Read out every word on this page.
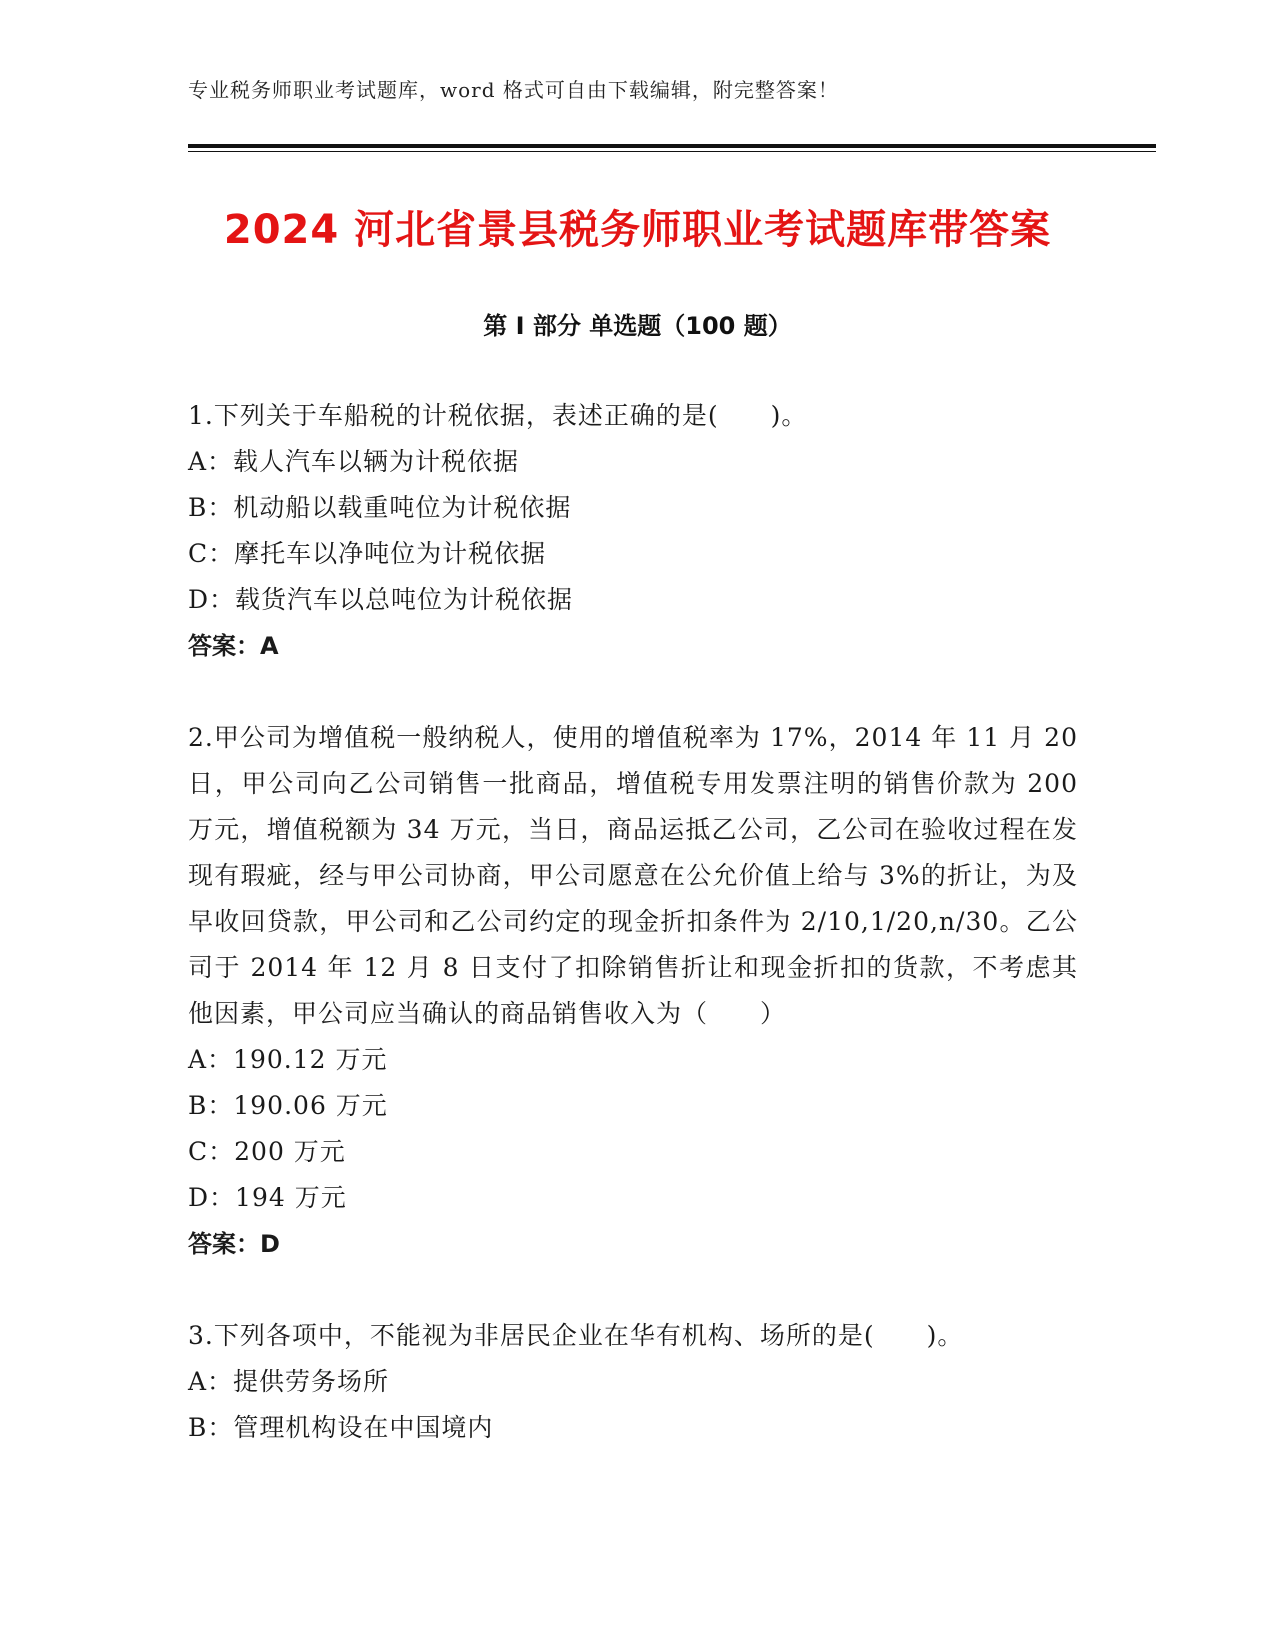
专业税务师职业考试题库，word 格式可自由下载编辑，附完整答案！
2024 河北省景县税务师职业考试题库带答案
第 I 部分 单选题（100 题）
1.下列关于车船税的计税依据，表述正确的是(　　)。
A：载人汽车以辆为计税依据
B：机动船以载重吨位为计税依据
C：摩托车以净吨位为计税依据
D：载货汽车以总吨位为计税依据
答案：A
2.甲公司为增值税一般纳税人，使用的增值税率为 17%，2014 年 11 月 20 日，甲公司向乙公司销售一批商品，增值税专用发票注明的销售价款为 200 万元，增值税额为 34 万元，当日，商品运抵乙公司，乙公司在验收过程在发现有瑕疵，经与甲公司协商，甲公司愿意在公允价值上给与 3%的折让，为及早收回贷款，甲公司和乙公司约定的现金折扣条件为 2/10,1/20,n/30。乙公司于 2014 年 12 月 8 日支付了扣除销售折让和现金折扣的货款，不考虑其他因素，甲公司应当确认的商品销售收入为（　　）
A：190.12 万元
B：190.06 万元
C：200 万元
D：194 万元
答案：D
3.下列各项中，不能视为非居民企业在华有机构、场所的是(　　)。
A：提供劳务场所
B：管理机构设在中国境内
